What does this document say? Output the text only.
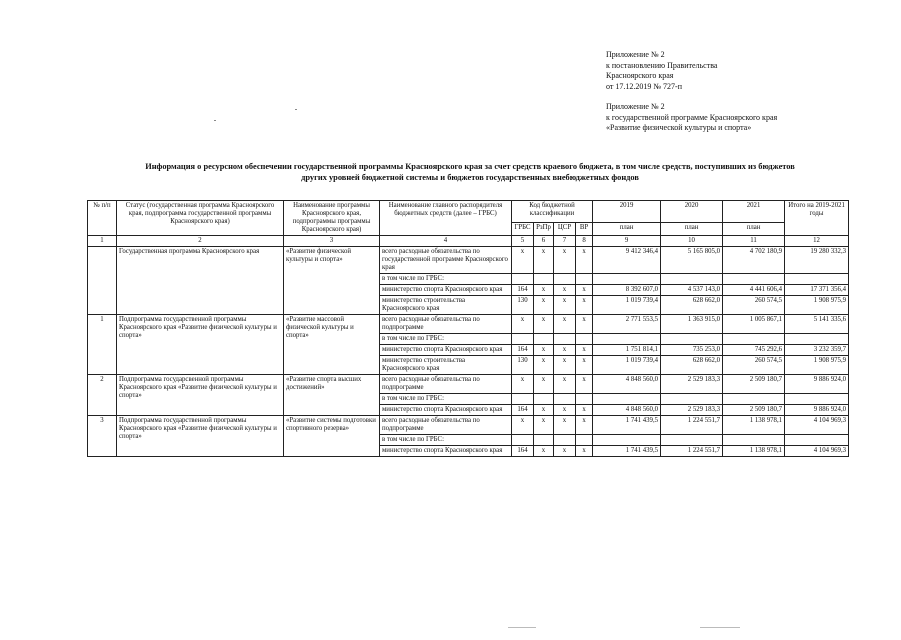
Приложение № 2
к постановлению Правительства
Красноярского края
от 17.12.2019 № 727-п
Приложение № 2
к государственной программе Красноярского края
«Развитие физической культуры и спорта»
Информация о ресурсном обеспечении государственной программы Красноярского края за счет средств краевого бюджета, в том числе средств, поступивших из бюджетов
других уровней бюджетной системы и бюджетов государственных внебюджетных фондов
№ п/п	Статус (государственная программа Красноярского края, подпрограмма государственной программы Красноярского края)	Наименование программы Красноярского края, подпрограммы программы Красноярского края)	Наименование главного распорядителя бюджетных средств (далее – ГРБС)	Код бюджетной классификации				2019	2020	2021	Итого на 2019-2021 годы
				ГРБС	РзПр	ЦСР	ВР	план	план	план	
1	2	3	4	5	6	7	8	9	10	11	12
	Государственная программа Красноярского края	«Развитие физической культуры и спорта»	всего расходные обязательства по государственной программе Красноярского края	х	х	х	х	9 412 346,4	5 165 805,0	4 702 180,9	19 280 332,3
			в том числе по ГРБС:								
			министерство спорта Красноярского края	164	х	х	х	8 392 607,0	4 537 143,0	4 441 606,4	17 371 356,4
			министерство строительства Красноярского края	130	х	х	х	1 019 739,4	628 662,0	260 574,5	1 908 975,9
1	Подпрограмма государственной программы Красноярского края «Развитие физической культуры и спорта»	«Развитие массовой физической культуры и спорта»	всего расходные обязательства по подпрограмме	х	х	х	х	2 771 553,5	1 363 915,0	1 005 867,1	5 141 335,6
			в том числе по ГРБС:								
			министерство спорта Красноярского края	164	х	х	х	1 751 814,1	735 253,0	745 292,6	3 232 359,7
			министерство строительства Красноярского края	130	х	х	х	1 019 739,4	628 662,0	260 574,5	1 908 975,9
2	Подпрограмма государсвенной программы Красноярского края «Развитие физической культуры и спорта»	«Развитие спорта высших достижений»	всего расходные обязательства по подпрограмме	х	х	х	х	4 848 560,0	2 529 183,3	2 509 180,7	9 886 924,0
			в том числе по ГРБС:								
			министерство спорта Красноярского края	164	х	х	х	4 848 560,0	2 529 183,3	2 509 180,7	9 886 924,0
3	Подпрограмма государственной программы Красноярского края «Развитие физической культуры и спорта»	«Развитие системы подготовки спортивного резерва»	всего расходные обязательства по подпрограмме	х	х	х	х	1 741 439,5	1 224 551,7	1 138 978,1	4 104 969,3
			в том числе по ГРБС:								
			министерство спорта Красноярского края	164	х	х	х	1 741 439,5	1 224 551,7	1 138 978,1	4 104 969,3
